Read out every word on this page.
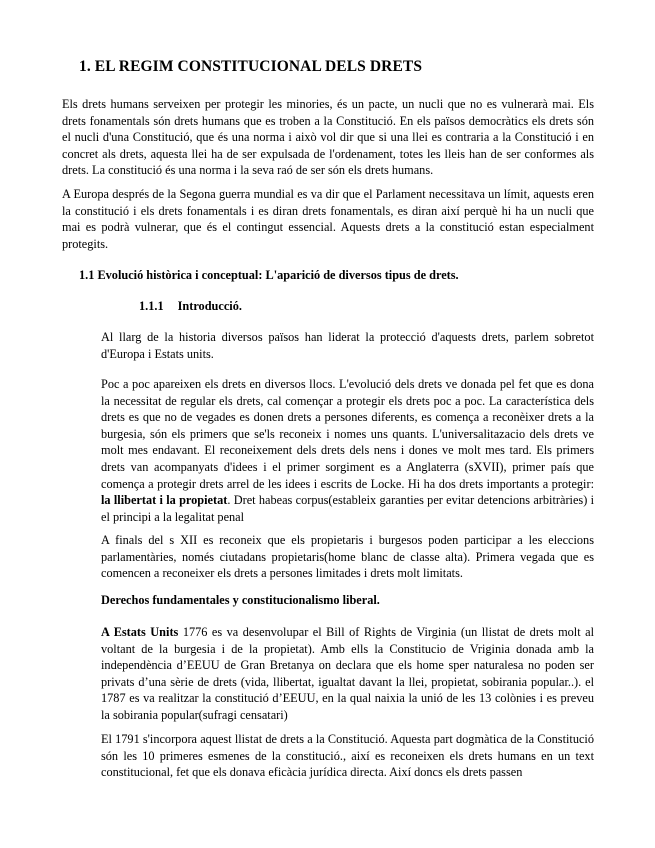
1. EL REGIM CONSTITUCIONAL DELS DRETS

Els drets humans serveixen per protegir les minories, és un pacte, un nucli que no es vulnerarà mai. Els drets fonamentals són drets humans que es troben a la Constitució. En els països democràtics els drets són el nucli d'una Constitució, que és una norma i això vol dir que si una llei es contraria a la Constitució i en concret als drets, aquesta llei ha de ser expulsada de l'ordenament, totes les lleis han de ser conformes als drets. La constitució és una norma i la seva raó de ser són els drets humans.

A Europa després de la Segona guerra mundial es va dir que el Parlament necessitava un límit, aquests eren la constitució i els drets fonamentals i es diran drets fonamentals, es diran així perquè hi ha un nucli que mai es podrà vulnerar, que és el contingut essencial. Aquests drets a la constitució estan especialment protegits.

1.1 Evolució històrica i conceptual: L'aparició de diversos tipus de drets.
1.1.1 Introducció.

Al llarg de la historia diversos països han liderat la protecció d'aquests drets, parlem sobretot d'Europa i Estats units.

Poc a poc apareixen els drets en diversos llocs. L'evolució dels drets ve donada pel fet que es dona la necessitat de regular els drets, cal començar a protegir els drets poc a poc. La característica dels drets es que no de vegades es donen drets a persones diferents, es comença a reconèixer drets a la burgesia, són els primers que se'ls reconeix i nomes uns quants. L'universalitazacio dels drets ve molt mes endavant. El reconeixement dels drets dels nens i dones ve molt mes tard. Els primers drets van acompanyats d'idees i el primer sorgiment es a Anglaterra (sXVII), primer país que comença a protegir drets arrel de les idees i escrits de Locke. Hi ha dos drets importants a protegir: la llibertat i la propietat. Dret habeas corpus(estableix garanties per evitar detencions arbitràries) i el principi a la legalitat penal

A finals del s XII es reconeix que els propietaris i burgesos poden participar a les eleccions parlamentàries, només ciutadans propietaris(home blanc de classe alta). Primera vegada que es comencen a reconeixer els drets a persones limitades i drets molt limitats.

Derechos fundamentales y constitucionalismo liberal.

A Estats Units 1776 es va desenvolupar el Bill of Rights de Virginia (un llistat de drets molt al voltant de la burgesia i de la propietat). Amb ells la Constitucio de Vriginia donada amb la independència d’EEUU de Gran Bretanya on declara que els home sper naturalesa no poden ser privats d’una sèrie de drets (vida, llibertat, igualtat davant la llei, propietat, sobirania popular..). el 1787 es va realitzar la constitució d’EEUU, en la qual naixia la unió de les 13 colònies i es preveu la sobirania popular(sufragi censatari)

El 1791 s'incorpora aquest llistat de drets a la Constitució. Aquesta part dogmàtica de la Constitució són les 10 primeres esmenes de la constitució., així es reconeixen els drets humans en un text constitucional, fet que els donava eficàcia jurídica directa. Així doncs els drets passen
